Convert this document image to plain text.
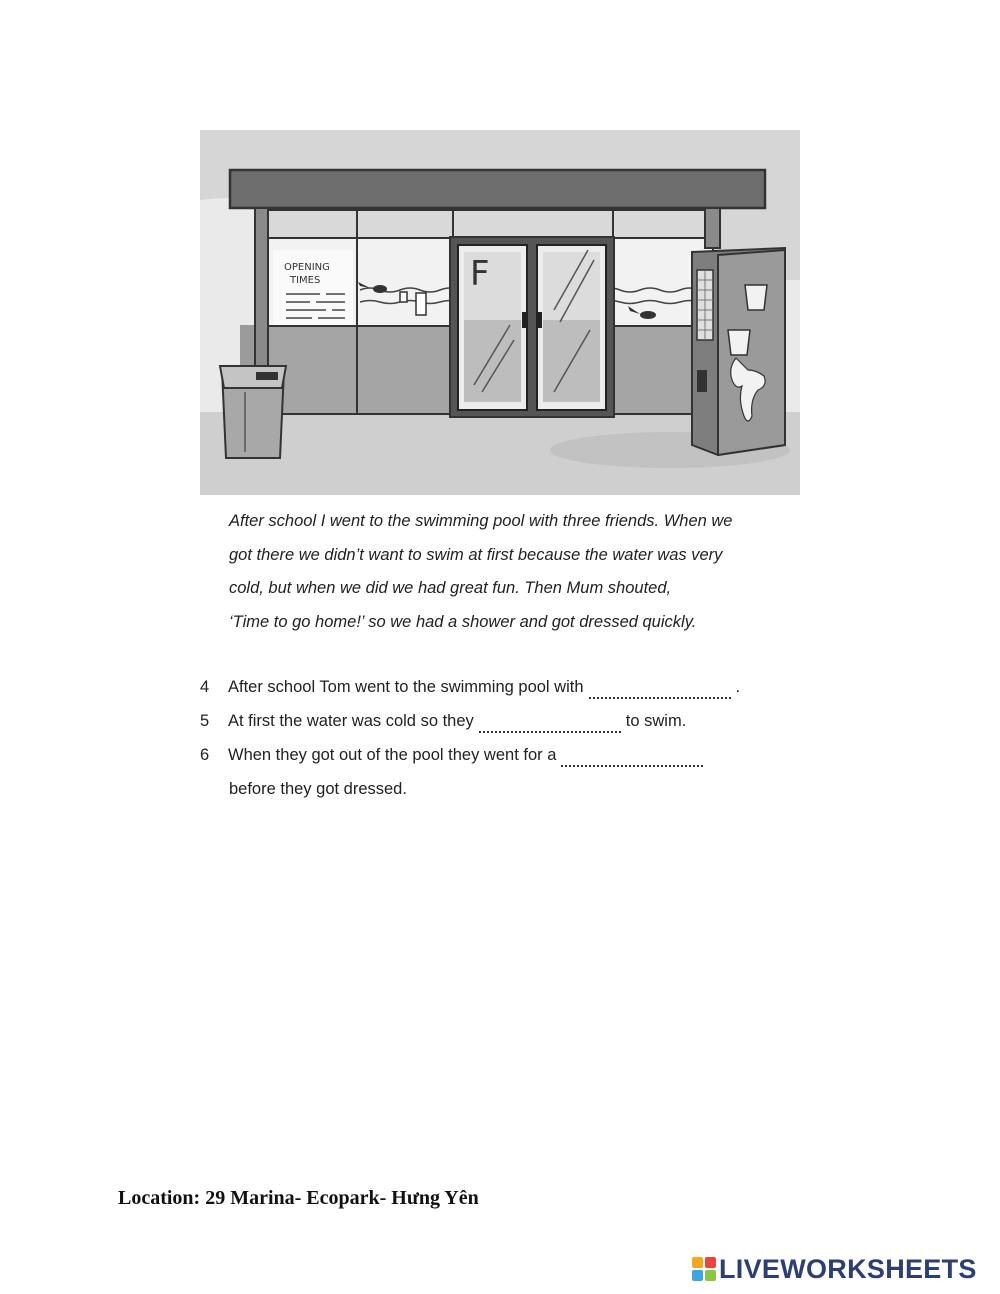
OPENING
TIMES	F

After school I went to the swimming pool with three friends. When we

got there we didn’t want to swim at first because the water was very

cold, but when we did we had great fun. Then Mum shouted,

‘Time to go home!’ so we had a shower and got dressed quickly.

4 After school Tom went to the swimming pool with	.
5 At first the water was cold so they	to swim.
6 When they got out of the pool they went for a
before they got dressed.
Location: 29 Marina- Ecopark- Hưng Yên
LIVEWORKSHEETS
